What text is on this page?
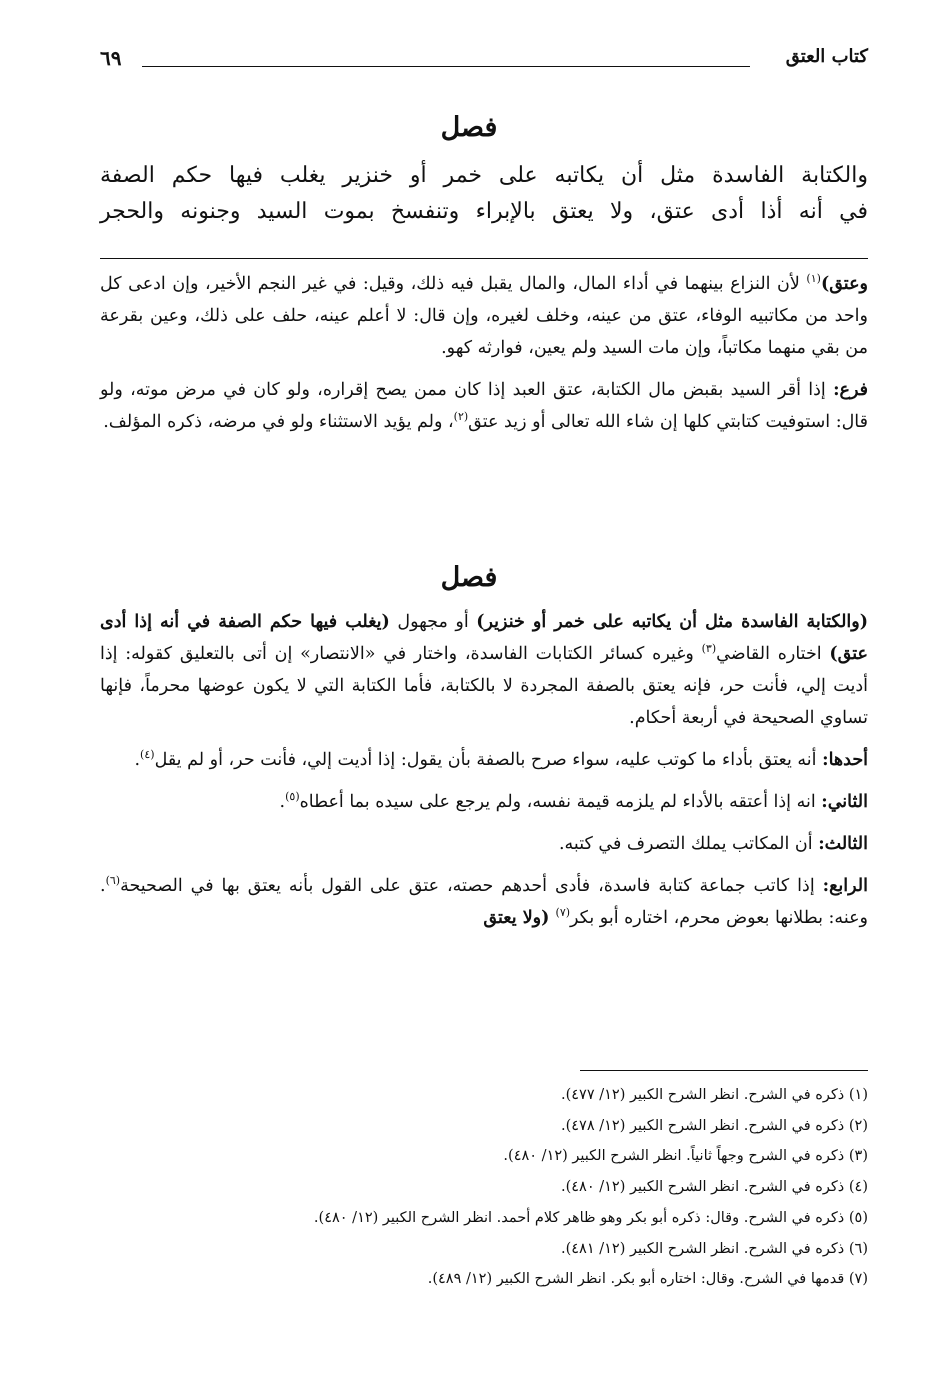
كتاب العتق
٦٩
فصل

والكتابة الفاسدة مثل أن يكاتبه على خمر أو خنزير يغلب فيها حكم الصفة

في أنه أذا أدى عتق، ولا يعتق بالإبراء وتنفسخ بموت السيد وجنونه والحجر

وعتق)$^{(١)}$ لأن النزاع بينهما في أداء المال، والمال يقبل فيه ذلك، وقيل: في غير النجم الأخير، وإن ادعى كل واحد من مكاتبيه الوفاء، عتق من عينه، وخلف لغيره، وإن قال: لا أعلم عينه، حلف على ذلك، وعين بقرعة من بقي منهما مكاتباً، وإن مات السيد ولم يعين، فوارثه كهو.

فرع: إذا أقر السيد بقبض مال الكتابة، عتق العبد إذا كان ممن يصح إقراره، ولو كان في مرض موته، ولو قال: استوفيت كتابتي كلها إن شاء الله تعالى أو زيد عتق$^{(٢)}$، ولم يؤيد الاستثناء ولو في مرضه، ذكره المؤلف.

فصل

(والكتابة الفاسدة مثل أن يكاتبه على خمر أو خنزير) أو مجهول (يغلب فيها حكم الصفة في أنه إذا أدى عتق) اختاره القاضي$^{(٣)}$ وغيره كسائر الكتابات الفاسدة، واختار في «الانتصار» إن أتى بالتعليق كقوله: إذا أديت إلي، فأنت حر، فإنه يعتق بالصفة المجردة لا بالكتابة، فأما الكتابة التي لا يكون عوضها محرماً، فإنها تساوي الصحيحة في أربعة أحكام.

أحدها: أنه يعتق بأداء ما كوتب عليه، سواء صرح بالصفة بأن يقول: إذا أديت إلي، فأنت حر، أو لم يقل$^{(٤)}$.

الثاني: انه إذا أعتقه بالأداء لم يلزمه قيمة نفسه، ولم يرجع على سيده بما أعطاه$^{(٥)}$.

الثالث: أن المكاتب يملك التصرف في كتبه.

الرابع: إذا كاتب جماعة كتابة فاسدة، فأدى أحدهم حصته، عتق على القول بأنه يعتق بها في الصحيحة$^{(٦)}$. وعنه: بطلانها بعوض محرم، اختاره أبو بكر$^{(٧)}$ (ولا يعتق

(١) ذكره في الشرح. انظر الشرح الكبير (١٢/ ٤٧٧).
(٢) ذكره في الشرح. انظر الشرح الكبير (١٢/ ٤٧٨).
(٣) ذكره في الشرح وجهاً ثانياً. انظر الشرح الكبير (١٢/ ٤٨٠).
(٤) ذكره في الشرح. انظر الشرح الكبير (١٢/ ٤٨٠).
(٥) ذكره في الشرح. وقال: ذكره أبو بكر وهو ظاهر كلام أحمد. انظر الشرح الكبير (١٢/ ٤٨٠).
(٦) ذكره في الشرح. انظر الشرح الكبير (١٢/ ٤٨١).
(٧) قدمها في الشرح. وقال: اختاره أبو بكر. انظر الشرح الكبير (١٢/ ٤٨٩).
